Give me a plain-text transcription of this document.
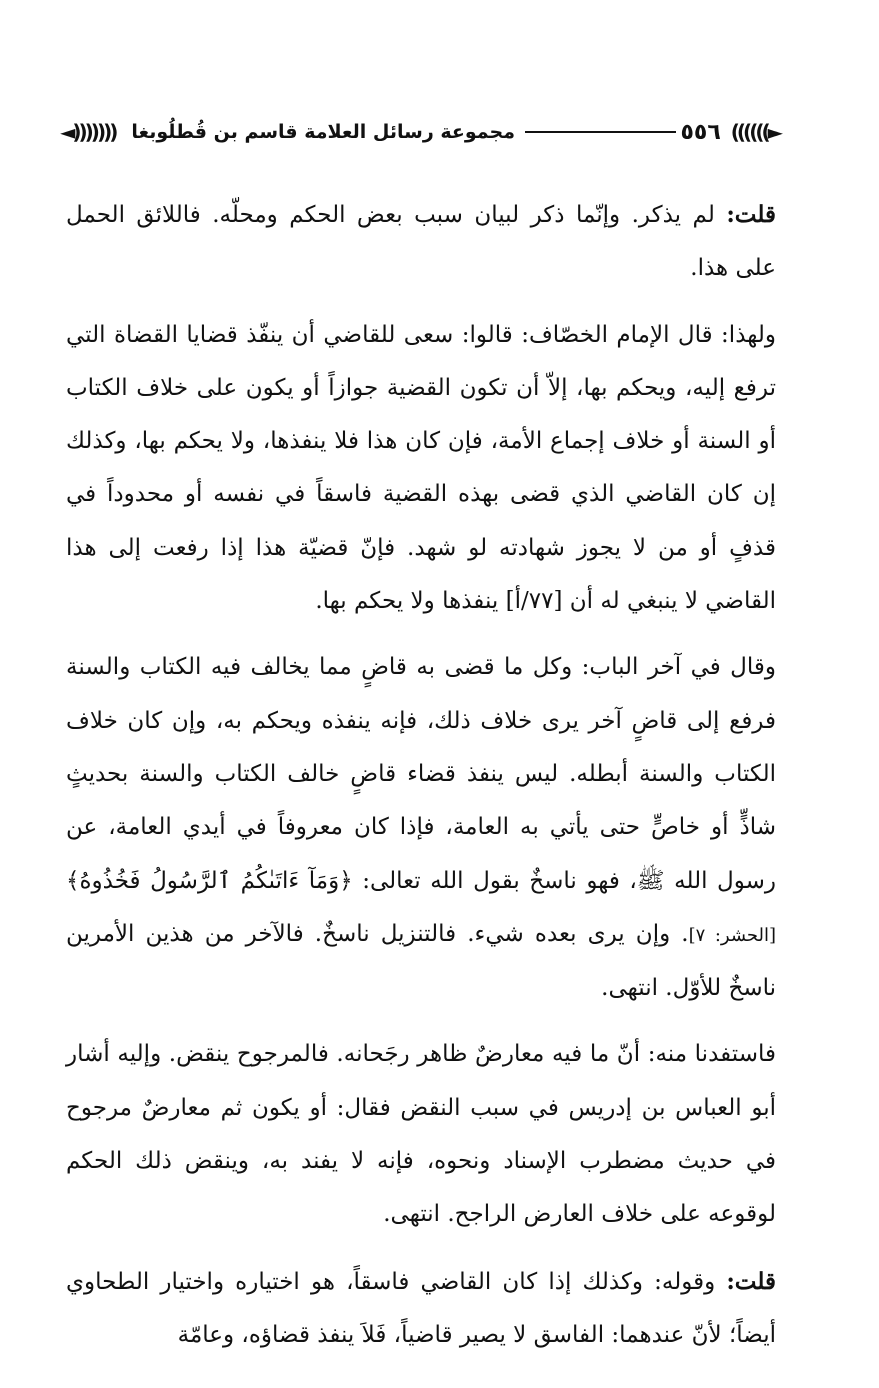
◄))))))) مجموعة رسائل العلامة قاسم بن قُطلُوبغا	٥٥٦ ((((((►

قلت: لم يذكر. وإنّما ذكر لبيان سبب بعض الحكم ومحلّه. فاللائق الحمل على هذا.

ولهذا: قال الإمام الخصّاف: قالوا: سعى للقاضي أن ينفّذ قضايا القضاة التي ترفع إليه، ويحكم بها، إلاّ أن تكون القضية جوازاً أو يكون على خلاف الكتاب أو السنة أو خلاف إجماع الأمة، فإن كان هذا فلا ينفذها، ولا يحكم بها، وكذلك إن كان القاضي الذي قضى بهذه القضية فاسقاً في نفسه أو محدوداً في قذفٍ أو من لا يجوز شهادته لو شهد. فإنّ قضيّة هذا إذا رفعت إلى هذا القاضي لا ينبغي له أن [٧٧/أ] ينفذها ولا يحكم بها.

وقال في آخر الباب: وكل ما قضى به قاضٍ مما يخالف فيه الكتاب والسنة فرفع إلى قاضٍ آخر يرى خلاف ذلك، فإنه ينفذه ويحكم به، وإن كان خلاف الكتاب والسنة أبطله. ليس ينفذ قضاء قاضٍ خالف الكتاب والسنة بحديثٍ شاذٍّ أو خاصٍّ حتى يأتي به العامة، فإذا كان معروفاً في أيدي العامة، عن رسول الله ﷺ، فهو ناسخٌ بقول الله تعالى: ﴿وَمَآ ءَاتَىٰكُمُ ٱلرَّسُولُ فَخُذُوهُ﴾[الحشر: ٧]. وإن يرى بعده شيء. فالتنزيل ناسخٌ. فالآخر من هذين الأمرين ناسخٌ للأوّل. انتهى.

فاستفدنا منه: أنّ ما فيه معارضٌ ظاهر رجَحانه. فالمرجوح ينقض. وإليه أشار أبو العباس بن إدريس في سبب النقض فقال: أو يكون ثم معارضٌ مرجوح في حديث مضطرب الإسناد ونحوه، فإنه لا يفند به، وينقض ذلك الحكم لوقوعه على خلاف العارض الراجح. انتهى.

قلت: وقوله: وكذلك إذا كان القاضي فاسقاً، هو اختياره واختيار الطحاوي أيضاً؛ لأنّ عندهما: الفاسق لا يصير قاضياً، فَلاَ ينفذ قضاؤه، وعامّة
